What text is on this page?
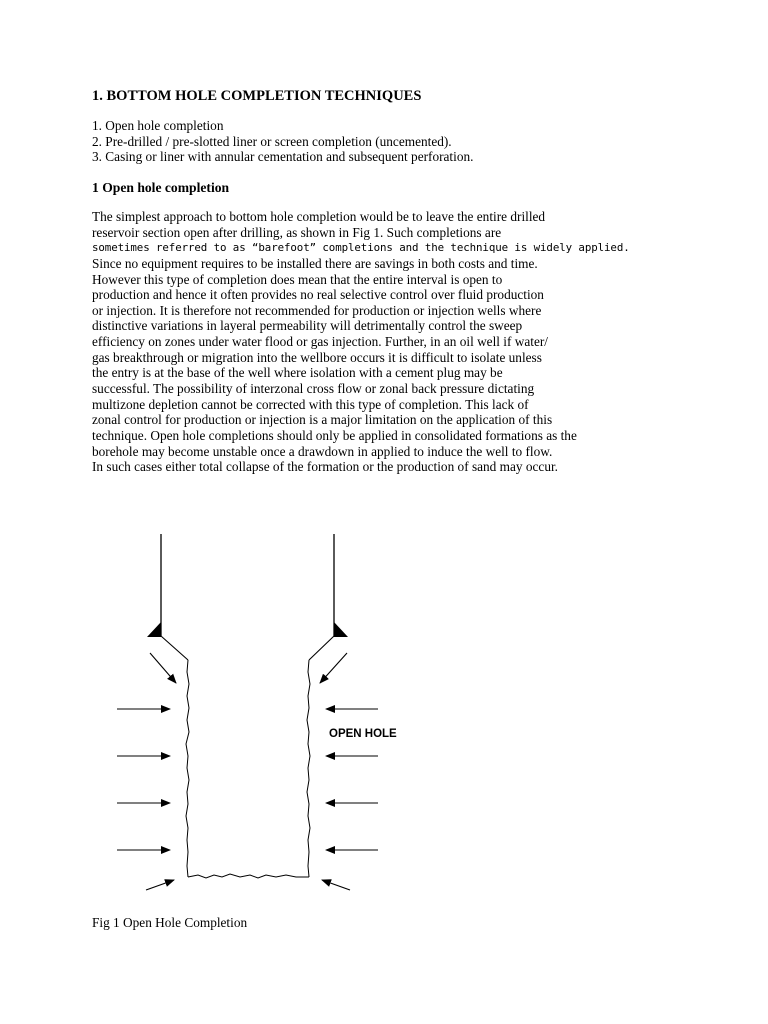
1. BOTTOM HOLE COMPLETION TECHNIQUES
1. Open hole completion
2. Pre-drilled / pre-slotted liner or screen completion (uncemented).
3. Casing or liner with annular cementation and subsequent perforation.
1 Open hole completion
The simplest approach to bottom hole completion would be to leave the entire drilled
reservoir section open after drilling, as shown in Fig 1. Such completions are
sometimes referred to as “barefoot” completions and the technique is widely applied.
Since no equipment requires to be installed there are savings in both costs and time.
However this type of completion does mean that the entire interval is open to
production and hence it often provides no real selective control over fluid production
or injection. It is therefore not recommended for production or injection wells where
distinctive variations in layeral permeability will detrimentally control the sweep
efficiency on zones under water flood or gas injection. Further, in an oil well if water/
gas breakthrough or migration into the wellbore occurs it is difficult to isolate unless
the entry is at the base of the well where isolation with a cement plug may be
successful. The possibility of interzonal cross flow or zonal back pressure dictating
multizone depletion cannot be corrected with this type of completion. This lack of
zonal control for production or injection is a major limitation on the application of this
technique. Open hole completions should only be applied in consolidated formations as the
borehole may become unstable once a drawdown in applied to induce the well to flow.
In such cases either total collapse of the formation or the production of sand may occur.
OPEN HOLE
Fig 1 Open Hole Completion
